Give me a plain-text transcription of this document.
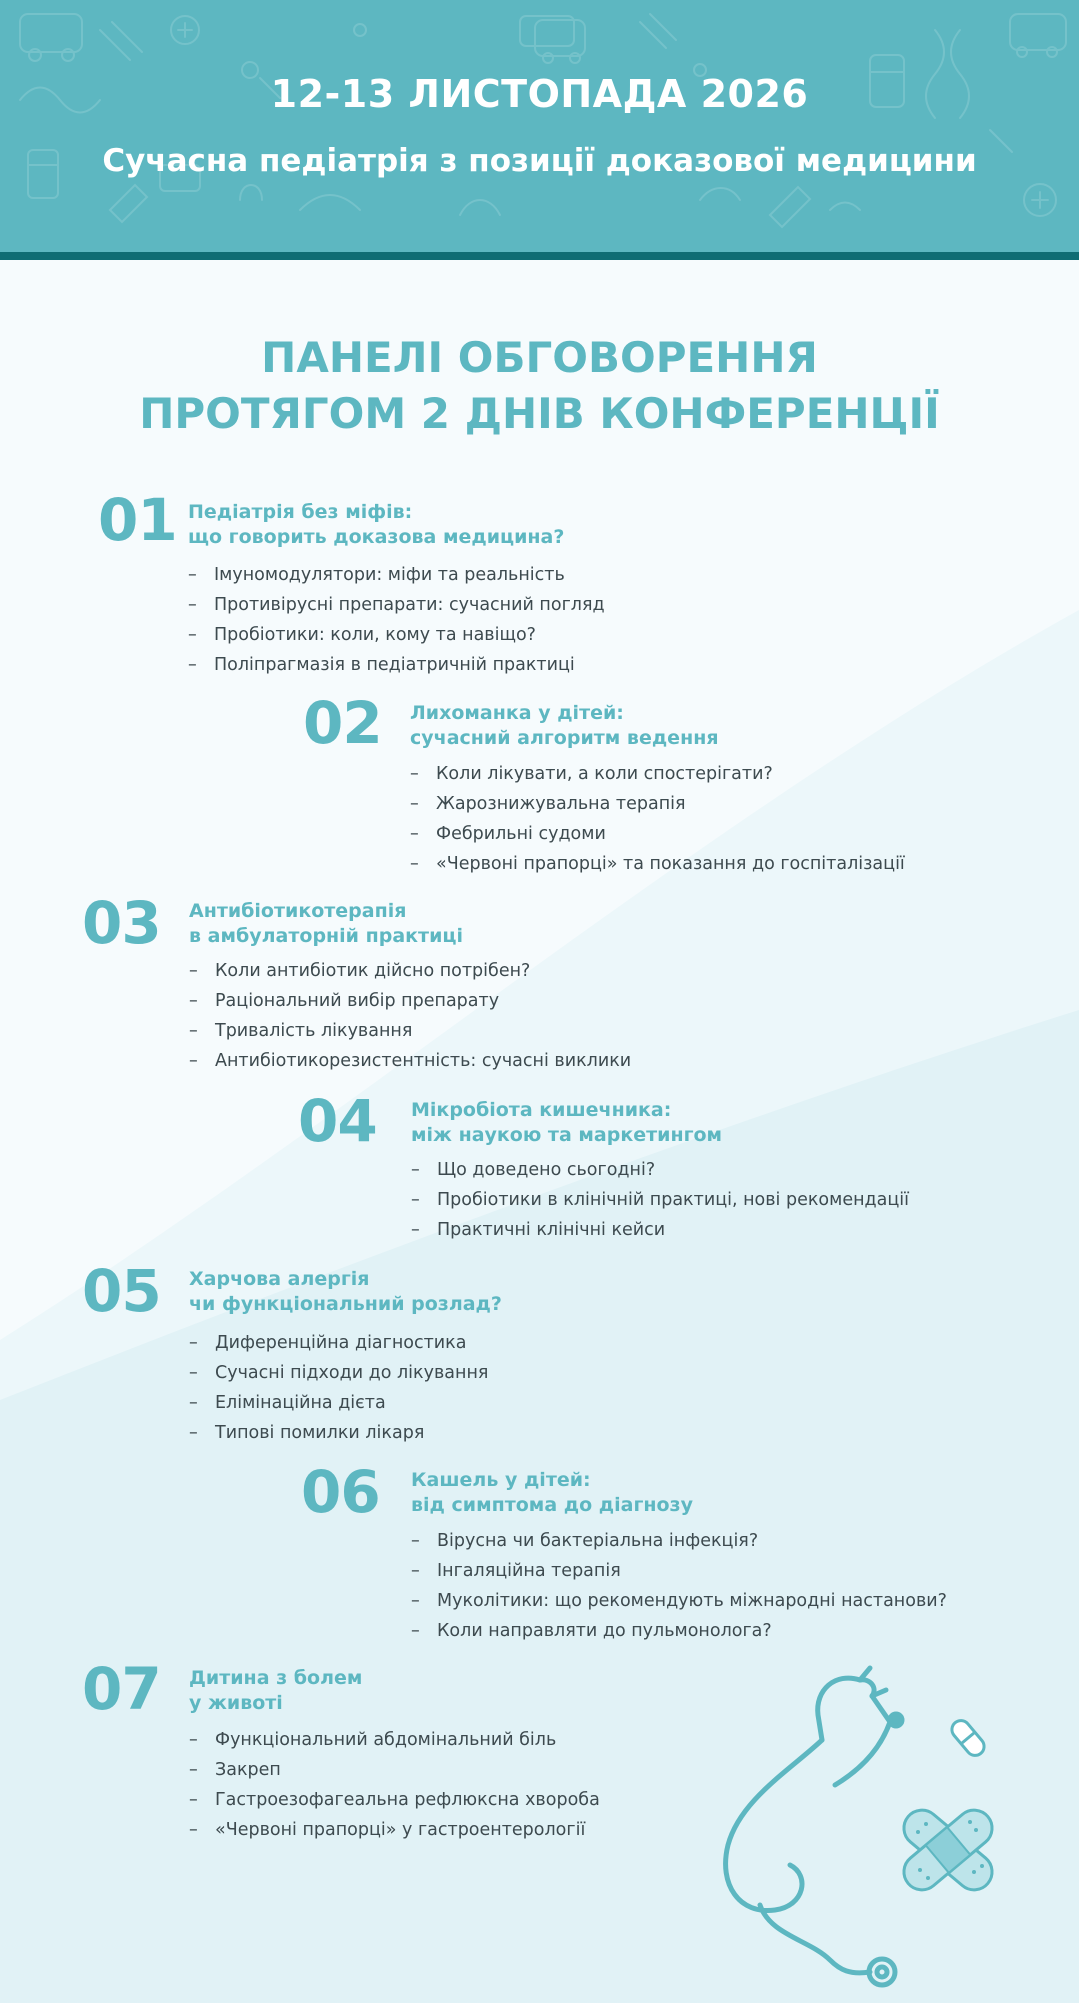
12-13 ЛИСТОПАДА 2026
Сучасна педіатрія з позиції доказової медицини
ПАНЕЛІ ОБГОВОРЕННЯ
ПРОТЯГОМ 2 ДНІВ КОНФЕРЕНЦІЇ
01 Педіатрія без міфів:
що говорить доказова медицина?
– Імуномодулятори: міфи та реальність
– Противірусні препарати: сучасний погляд
– Пробіотики: коли, кому та навіщо?
– Поліпрагмазія в педіатричній практиці
02 Лихоманка у дітей:
сучасний алгоритм ведення
– Коли лікувати, а коли спостерігати?
– Жарознижувальна терапія
– Фебрильні судоми
– «Червоні прапорці» та показання до госпіталізації
03 Антибіотикотерапія
в амбулаторній практиці
– Коли антибіотик дійсно потрібен?
– Раціональний вибір препарату
– Тривалість лікування
– Антибіотикорезистентність: сучасні виклики
04 Мікробіота кишечника:
між наукою та маркетингом
– Що доведено сьогодні?
– Пробіотики в клінічній практиці, нові рекомендації
– Практичні клінічні кейси
05 Харчова алергія
чи функціональний розлад?
– Диференційна діагностика
– Сучасні підходи до лікування
– Елімінаційна дієта
– Типові помилки лікаря
06 Кашель у дітей:
від симптома до діагнозу
– Вірусна чи бактеріальна інфекція?
– Інгаляційна терапія
– Муколітики: що рекомендують міжнародні настанови?
– Коли направляти до пульмонолога?
07 Дитина з болем
у животі
– Функціональний абдомінальний біль
– Закреп
– Гастроезофагеальна рефлюксна хвороба
– «Червоні прапорці» у гастроентерології
